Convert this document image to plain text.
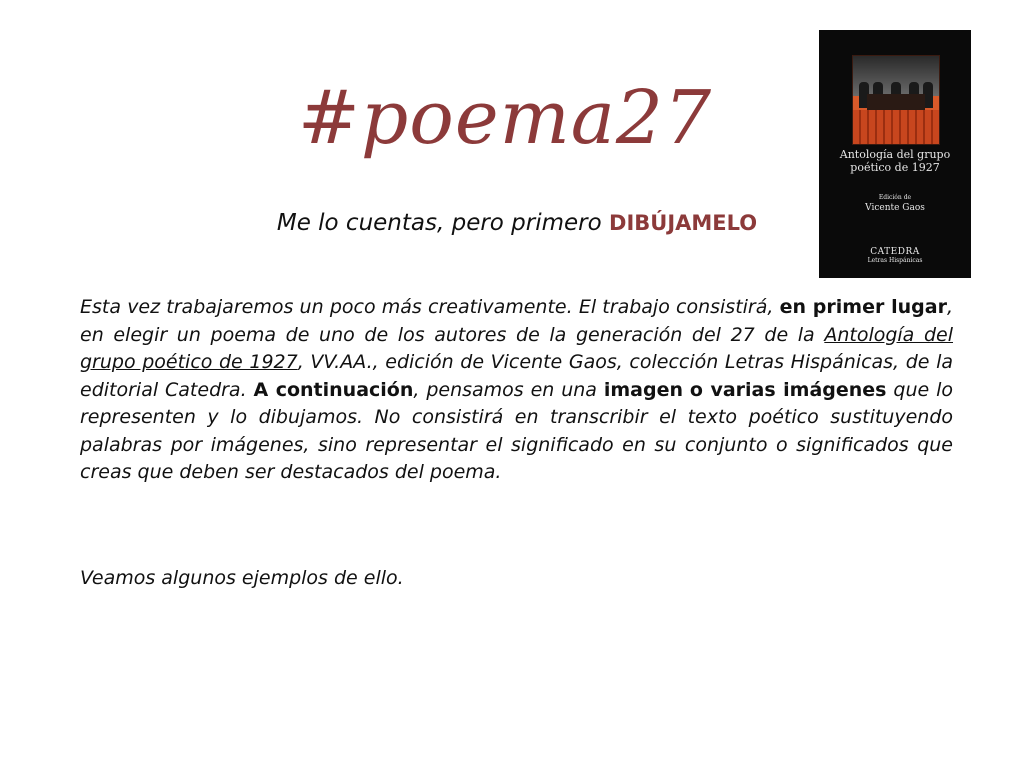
#poema27
Me lo cuentas, pero primero DIBÚJAMELO
Antología del grupo
poético de 1927
Edición de
Vicente Gaos
CATEDRA
Letras Hispánicas
Esta vez trabajaremos un poco más creativamente. El trabajo consistirá, en primer lugar, en elegir un poema de uno de los autores de la generación del 27 de la Antología del grupo poético de 1927, VV.AA., edición de Vicente Gaos, colección Letras Hispánicas, de la editorial Catedra. A continuación, pensamos en una imagen o varias imágenes que lo representen y lo dibujamos. No consistirá en transcribir el texto poético sustituyendo palabras por imágenes, sino representar el significado en su conjunto o significados que creas que deben ser destacados del poema.
Veamos algunos ejemplos de ello.
